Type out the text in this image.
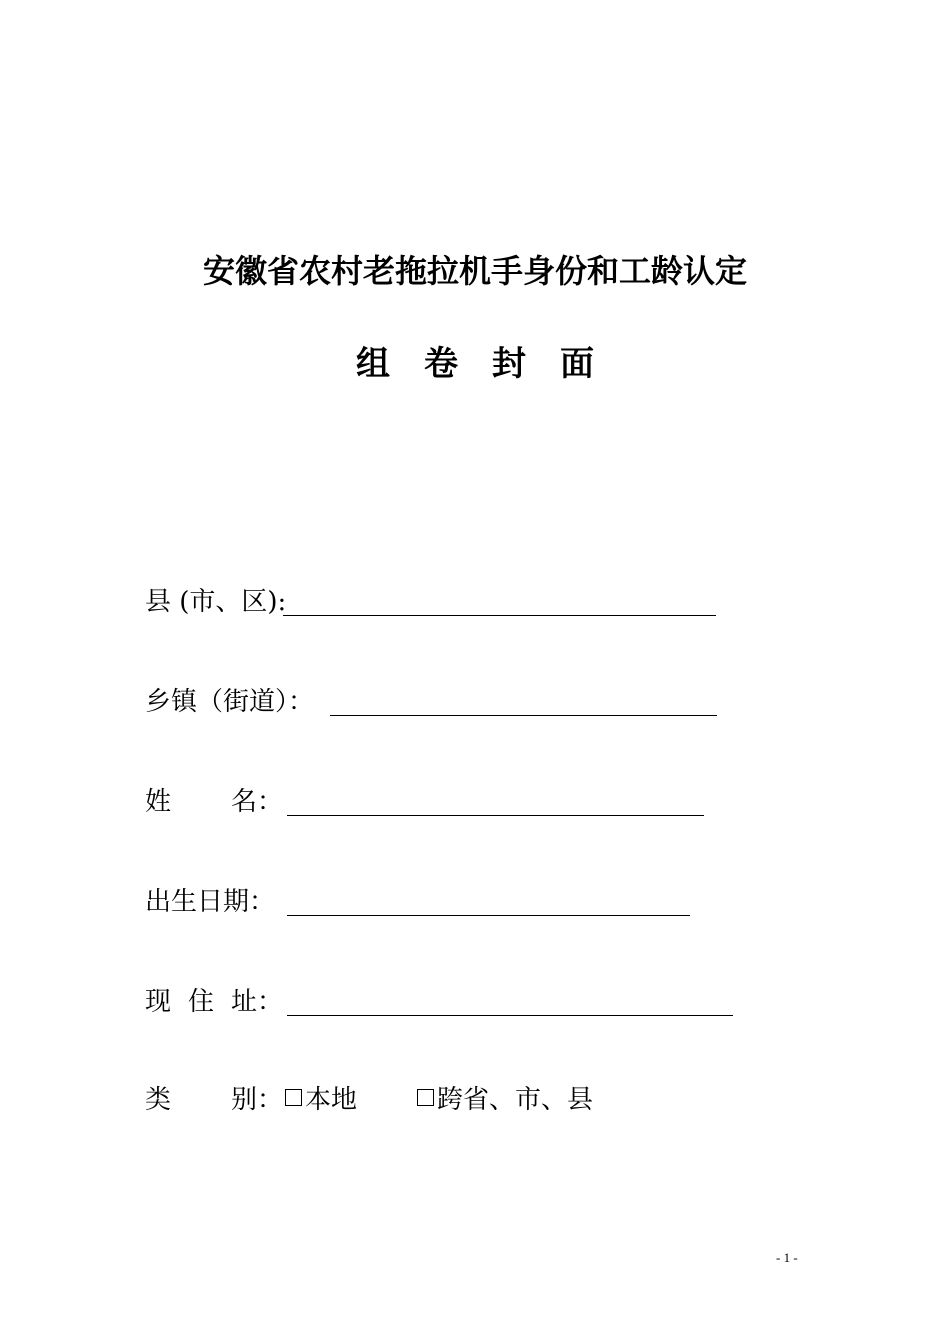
安徽省农村老拖拉机手身份和工龄认定
组 卷 封 面
县 (市、区):
乡镇（街道）：
姓 名：
出生日期：
现 住 址：
类 别： 本地	跨省、市、县
- 1 -
